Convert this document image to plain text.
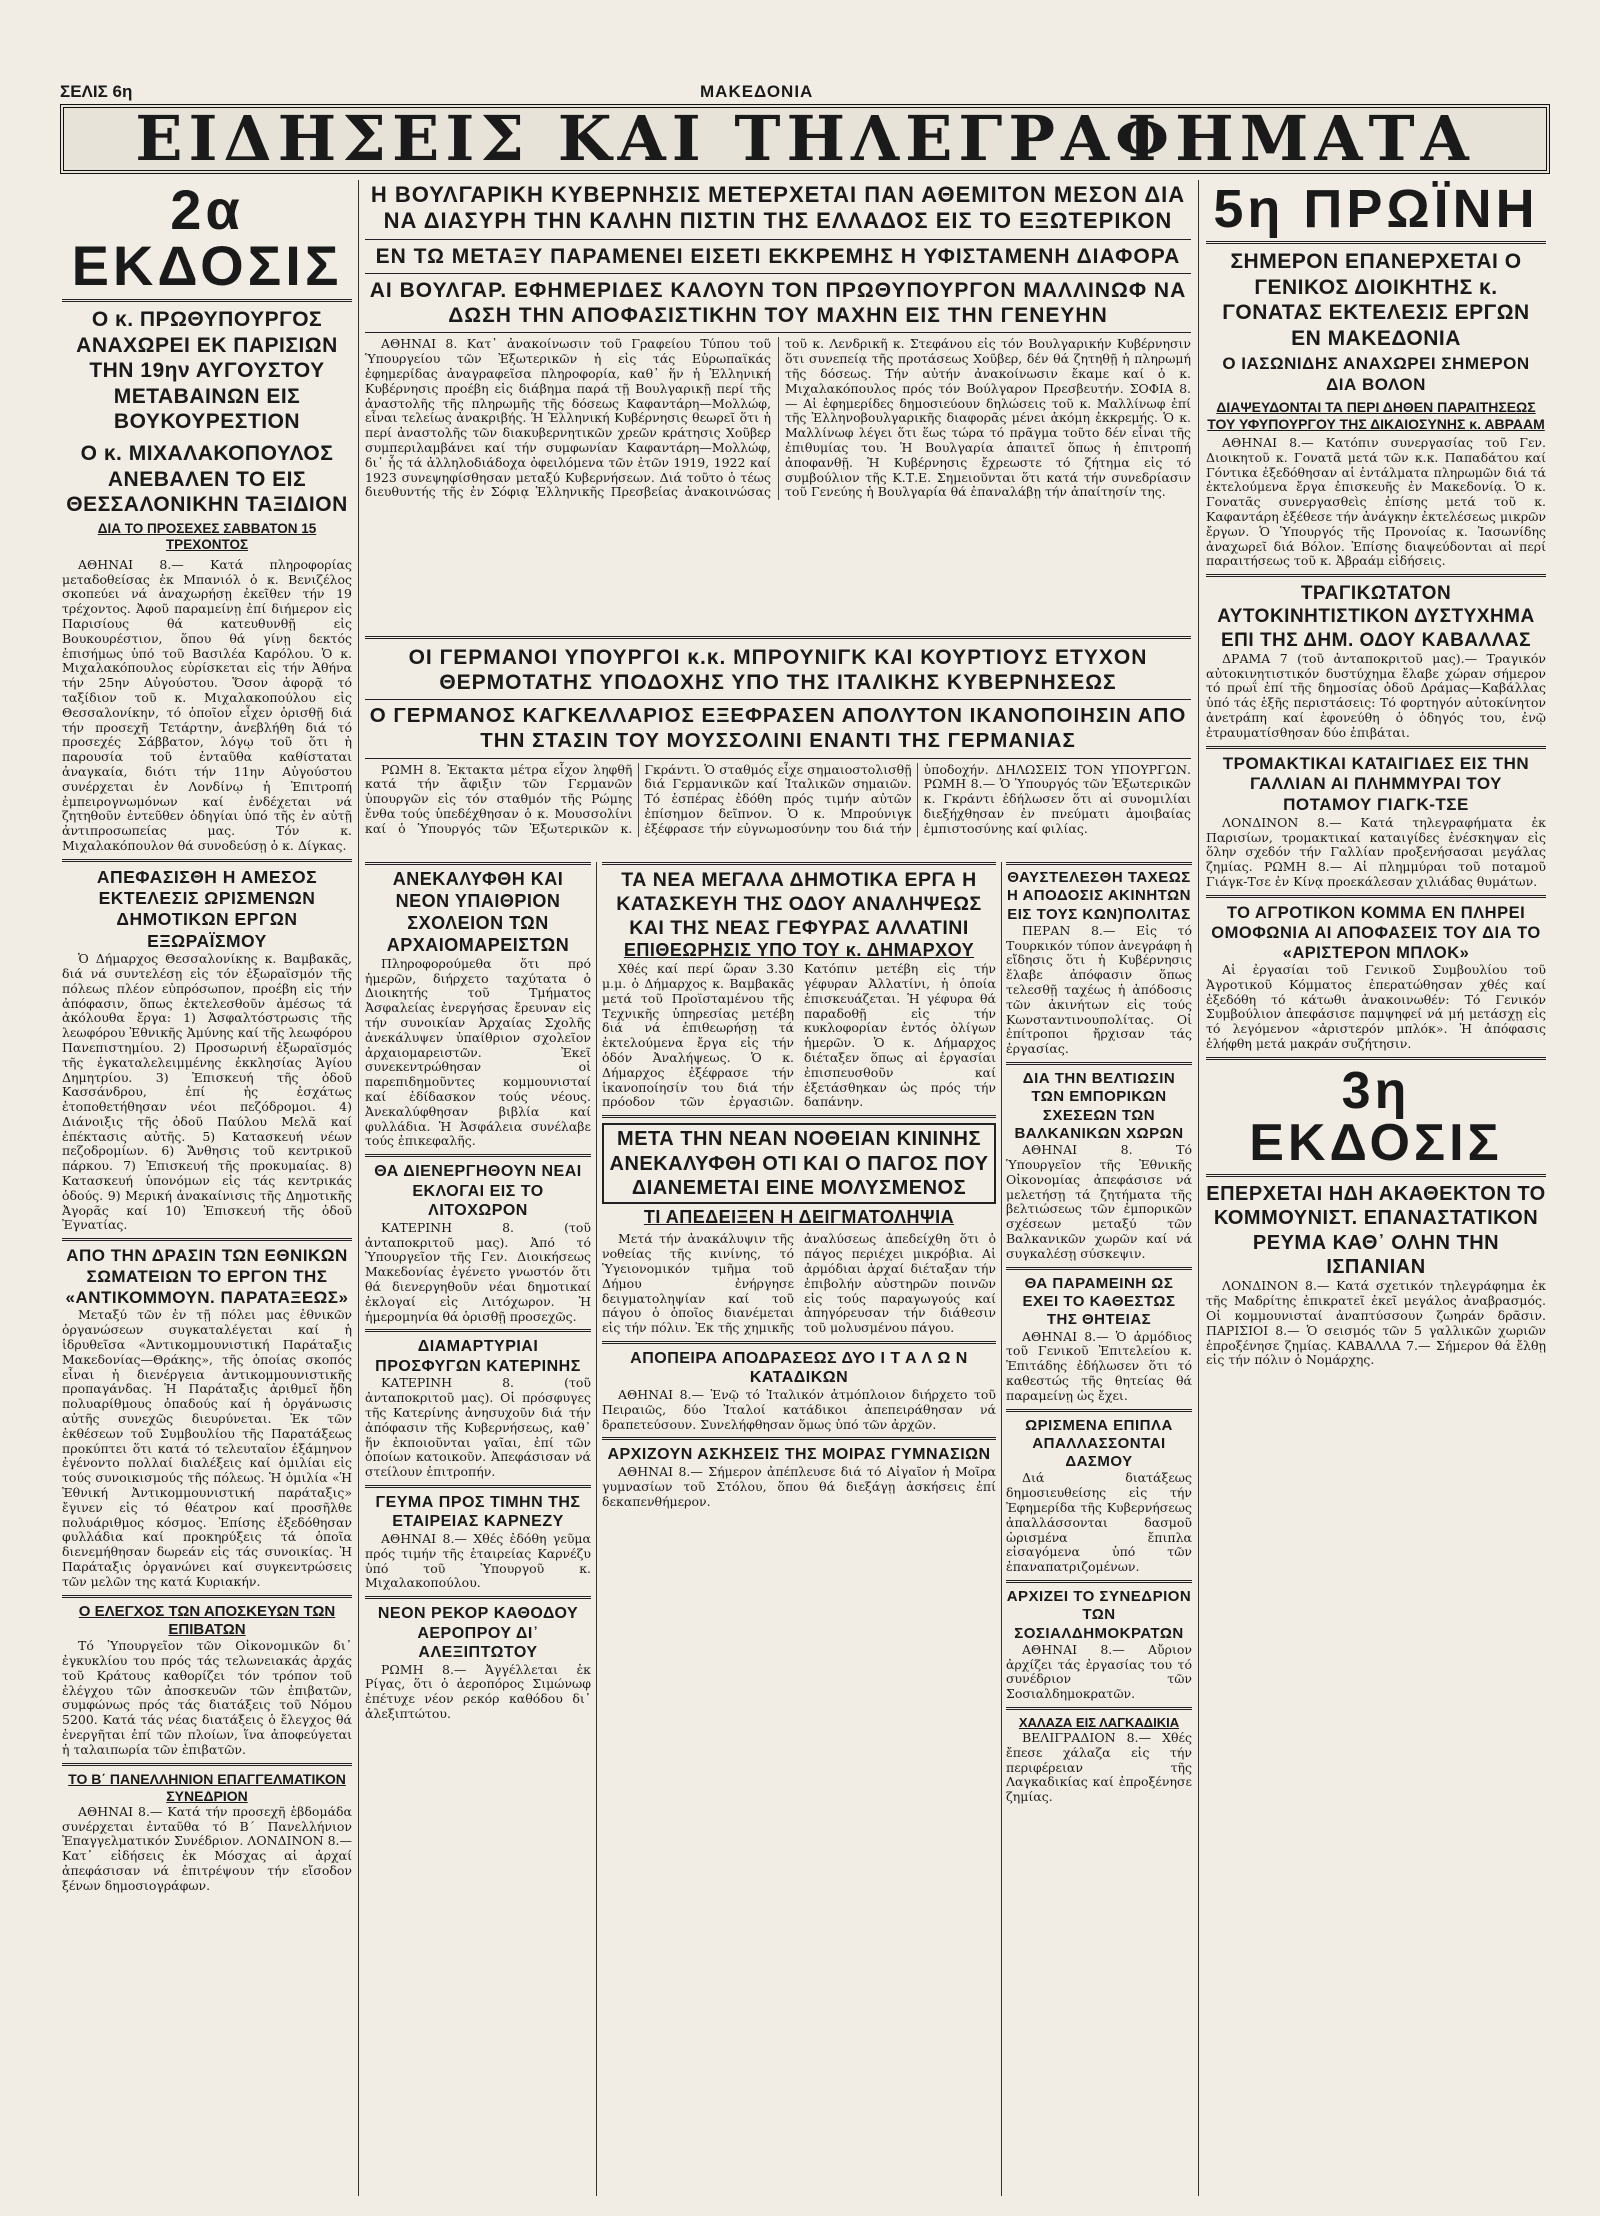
ΣΕΛΙΣ 6η	ΜΑΚΕΔΟΝΙΑ
ΕΙΔΗΣΕΙΣ ΚΑΙ ΤΗΛΕΓΡΑΦΗΜΑΤΑ
2α ΕΚΔΟΣΙΣ
Ο κ. ΠΡΩΘΥΠΟΥΡΓΟΣ ΑΝΑΧΩΡΕΙ ΕΚ ΠΑΡΙΣΙΩΝ ΤΗΝ 19ην ΑΥΓΟΥΣΤΟΥ ΜΕΤΑΒΑΙΝΩΝ ΕΙΣ ΒΟΥΚΟΥΡΕΣΤΙΟΝ
Ο κ. ΜΙΧΑΛΑΚΟΠΟΥΛΟΣ ΑΝΕΒΑΛΕΝ ΤΟ ΕΙΣ ΘΕΣΣΑΛΟΝΙΚΗΝ ΤΑΞΙΔΙΟΝ
ΔΙΑ ΤΟ ΠΡΟΣΕΧΕΣ ΣΑΒΒΑΤΟΝ 15 ΤΡΕΧΟΝΤΟΣ

ΑΘΗΝΑΙ 8.— Κατά πληροφορίας μεταδοθείσας ἐκ Μπανιόλ ὁ κ. Βενιζέλος σκοπεύει νά ἀναχωρήσῃ ἐκεῖθεν τήν 19 τρέχοντος. Ἀφοῦ παραμείνῃ ἐπί διήμερον εἰς Παρισίους θά κατευθυνθῇ εἰς Βουκουρέστιον, ὅπου θά γίνῃ δεκτός ἐπισήμως ὑπό τοῦ Βασιλέα Καρόλου. Ὁ κ. Μιχαλακόπουλος εὑρίσκεται εἰς τήν Ἀθήνα τήν 25ην Αὐγούστου. Ὅσον ἀφορᾷ τό ταξίδιον τοῦ κ. Μιχαλακοπούλου εἰς Θεσσαλονίκην, τό ὁποῖον εἶχεν ὁρισθῇ διά τήν προσεχῆ Τετάρτην, ἀνεβλήθη διά τό προσεχές Σάββατον, λόγῳ τοῦ ὅτι ἡ παρουσία τοῦ ἐνταῦθα καθίσταται ἀναγκαία, διότι τήν 11ην Αὐγούστου συνέρχεται ἐν Λονδίνῳ ἡ Ἐπιτροπή ἐμπειρογνωμόνων καί ἐνδέχεται νά ζητηθοῦν ἐντεῦθεν ὁδηγίαι ὑπό τῆς ἐν αὐτῇ ἀντιπροσωπείας μας. Τόν κ. Μιχαλακόπουλον θά συνοδεύσῃ ὁ κ. Δίγκας.

ΑΠΕΦΑΣΙΣΘΗ Η ΑΜΕΣΟΣ ΕΚΤΕΛΕΣΙΣ ΩΡΙΣΜΕΝΩΝ ΔΗΜΟΤΙΚΩΝ ΕΡΓΩΝ ΕΞΩΡΑΪΣΜΟΥ

Ὁ Δήμαρχος Θεσσαλονίκης κ. Βαμβακᾶς, διά νά συντελέσῃ εἰς τόν ἐξωραϊσμόν τῆς πόλεως πλέον εὐπρόσωπον, προέβη εἰς τήν ἀπόφασιν, ὅπως ἐκτελεσθοῦν ἀμέσως τά ἀκόλουθα ἔργα: 1) Ἀσφαλτόστρωσις τῆς λεωφόρου Ἐθνικῆς Ἀμύνης καί τῆς λεωφόρου Πανεπιστημίου. 2) Προσωρινή ἐξωραϊσμός τῆς ἐγκαταλελειμμένης ἐκκλησίας Ἁγίου Δημητρίου. 3) Ἐπισκευή τῆς ὁδοῦ Κασσάνδρου, ἐπί ἡς ἐσχάτως ἐτοποθετήθησαν νέοι πεζόδρομοι. 4) Διάνοιξις τῆς ὁδοῦ Παύλου Μελᾶ καί ἐπέκτασις αὐτῆς. 5) Κατασκευή νέων πεζοδρομίων. 6) Ἄνθησις τοῦ κεντρικοῦ πάρκου. 7) Ἐπισκευή τῆς προκυμαίας. 8) Κατασκευή ὑπονόμων εἰς τάς κεντρικάς ὁδούς. 9) Μερική ἀνακαίνισις τῆς Δημοτικῆς Ἀγορᾶς καί 10) Ἐπισκευή τῆς ὁδοῦ Ἐγνατίας.

ΑΠΟ ΤΗΝ ΔΡΑΣΙΝ ΤΩΝ ΕΘΝΙΚΩΝ ΣΩΜΑΤΕΙΩΝ ΤΟ ΕΡΓΟΝ ΤΗΣ «ΑΝΤΙΚΟΜΜΟΥΝ. ΠΑΡΑΤΑΞΕΩΣ»

Μεταξύ τῶν ἐν τῇ πόλει μας ἐθνικῶν ὀργανώσεων συγκαταλέγεται καί ἡ ἱδρυθεῖσα «Ἀντικομμουνιστική Παράταξις Μακεδονίας—Θράκης», τῆς ὁποίας σκοπός εἶναι ἡ διενέργεια ἀντικομμουνιστικῆς προπαγάνδας. Ἡ Παράταξις ἀριθμεῖ ἤδη πολυαρίθμους ὀπαδούς καί ἡ ὀργάνωσις αὐτῆς συνεχῶς διευρύνεται. Ἐκ τῶν ἐκθέσεων τοῦ Συμβουλίου τῆς Παρατάξεως προκύπτει ὅτι κατά τό τελευταῖον ἑξάμηνον ἐγένοντο πολλαί διαλέξεις καί ὁμιλίαι εἰς τούς συνοικισμούς τῆς πόλεως. Ἡ ὁμιλία «Ἡ Ἐθνική Ἀντικομμουνιστική παράταξις» ἔγινεν εἰς τό θέατρον καί προσῆλθε πολυάριθμος κόσμος. Ἐπίσης ἐξεδόθησαν φυλλάδια καί προκηρύξεις τά ὁποῖα διενεμήθησαν δωρεάν εἰς τάς συνοικίας. Ἡ Παράταξις ὀργανώνει καί συγκεντρώσεις τῶν μελῶν της κατά Κυριακήν.

Ο ΕΛΕΓΧΟΣ ΤΩΝ ΑΠΟΣΚΕΥΩΝ ΤΩΝ ΕΠΙΒΑΤΩΝ

Τό Ὑπουργεῖον τῶν Οἰκονομικῶν δι᾿ ἐγκυκλίου του πρός τάς τελωνειακάς ἀρχάς τοῦ Κράτους καθορίζει τόν τρόπον τοῦ ἐλέγχου τῶν ἀποσκευῶν τῶν ἐπιβατῶν, συμφώνως πρός τάς διατάξεις τοῦ Νόμου 5200. Κατά τάς νέας διατάξεις ὁ ἔλεγχος θά ἐνεργῆται ἐπί τῶν πλοίων, ἵνα ἀποφεύγεται ἡ ταλαιπωρία τῶν ἐπιβατῶν.

ΤΟ Β΄ ΠΑΝΕΛΛΗΝΙΟΝ ΕΠΑΓΓΕΛΜΑΤΙΚΟΝ ΣΥΝΕΔΡΙΟΝ

ΑΘΗΝΑΙ 8.— Κατά τήν προσεχῆ ἑβδομάδα συνέρχεται ἐνταῦθα τό Β΄ Πανελλήνιον Ἐπαγγελματικόν Συνέδριον. ΛΟΝΔΙΝΟΝ 8.— Κατ᾿ εἰδήσεις ἐκ Μόσχας αἱ ἀρχαί ἀπεφάσισαν νά ἐπιτρέψουν τήν εἴσοδον ξένων δημοσιογράφων.

Η ΒΟΥΛΓΑΡΙΚΗ ΚΥΒΕΡΝΗΣΙΣ ΜΕΤΕΡΧΕΤΑΙ ΠΑΝ ΑΘΕΜΙΤΟΝ ΜΕΣΟΝ ΔΙΑ ΝΑ ΔΙΑΣΥΡΗ ΤΗΝ ΚΑΛΗΝ ΠΙΣΤΙΝ ΤΗΣ ΕΛΛΑΔΟΣ ΕΙΣ ΤΟ ΕΞΩΤΕΡΙΚΟΝ
ΕΝ ΤΩ ΜΕΤΑΞΥ ΠΑΡΑΜΕΝΕΙ ΕΙΣΕΤΙ ΕΚΚΡΕΜΗΣ Η ΥΦΙΣΤΑΜΕΝΗ ΔΙΑΦΟΡΑ
ΑΙ ΒΟΥΛΓΑΡ. ΕΦΗΜΕΡΙΔΕΣ ΚΑΛΟΥΝ ΤΟΝ ΠΡΩΘΥΠΟΥΡΓΟΝ ΜΑΛΛΙΝΩΦ ΝΑ ΔΩΣΗ ΤΗΝ ΑΠΟΦΑΣΙΣΤΙΚΗΝ ΤΟΥ ΜΑΧΗΝ ΕΙΣ ΤΗΝ ΓΕΝΕΥΗΝ

ΑΘΗΝΑΙ 8. Κατ᾿ ἀνακοίνωσιν τοῦ Γραφείου Τύπου τοῦ Ὑπουργείου τῶν Ἐξωτερικῶν ἡ εἰς τάς Εὐρωπαϊκάς ἐφημερίδας ἀναγραφεῖσα πληροφορία, καθ᾿ ἥν ἡ Ἑλληνική Κυβέρνησις προέβη εἰς διάβημα παρά τῇ Βουλγαρικῇ περί τῆς ἀναστολῆς τῆς πληρωμῆς τῆς δόσεως Καφαντάρη—Μολλώφ, εἶναι τελείως ἀνακριβής. Ἡ Ἑλληνική Κυβέρνησις θεωρεῖ ὅτι ἡ περί ἀναστολῆς τῶν διακυβερνητικῶν χρεῶν κράτησις Χοῦβερ συμπεριλαμβάνει καί τήν συμφωνίαν Καφαντάρη—Μολλώφ, δι᾿ ἧς τά ἀλληλοδιάδοχα ὀφειλόμενα τῶν ἐτῶν 1919, 1922 καί 1923 συνεψηφίσθησαν μεταξύ Κυβερνήσεων. Διά τοῦτο ὁ τέως διευθυντής τῆς ἐν Σόφιᾳ Ἑλληνικῆς Πρεσβείας ἀνακοινώσας τοῦ κ. Λενδρικῆ κ. Στεφάνου εἰς τόν Βουλγαρικήν Κυβέρνησιν ὅτι συνεπείᾳ τῆς προτάσεως Χοῦβερ, δέν θά ζητηθῇ ἡ πληρωμή τῆς δόσεως. Τήν αὐτήν ἀνακοίνωσιν ἔκαμε καί ὁ κ. Μιχαλακόπουλος πρός τόν Βούλγαρον Πρεσβευτήν. ΣΟΦΙΑ 8.— Αἱ ἐφημερίδες δημοσιεύουν δηλώσεις τοῦ κ. Μαλλίνωφ ἐπί τῆς Ἑλληνοβουλγαρικῆς διαφορᾶς μένει ἀκόμη ἐκκρεμής. Ὁ κ. Μαλλίνωφ λέγει ὅτι ἕως τώρα τό πρᾶγμα τοῦτο δέν εἶναι τῆς ἐπιθυμίας του. Ἡ Βουλγαρία ἀπαιτεῖ ὅπως ἡ ἐπιτροπή ἀποφανθῇ. Ἡ Κυβέρνησις ἔχρεωστε τό ζήτημα εἰς τό συμβούλιον τῆς Κ.Τ.Ε. Σημειοῦνται ὅτι κατά τήν συνεδρίασιν τοῦ Γενεύης ἡ Βουλγαρία θά ἐπαναλάβῃ τήν ἀπαίτησίν της.

ΟΙ ΓΕΡΜΑΝΟΙ ΥΠΟΥΡΓΟΙ κ.κ. ΜΠΡΟΥΝΙΓΚ ΚΑΙ ΚΟΥΡΤΙΟΥΣ ΕΤΥΧΟΝ ΘΕΡΜΟΤΑΤΗΣ ΥΠΟΔΟΧΗΣ ΥΠΟ ΤΗΣ ΙΤΑΛΙΚΗΣ ΚΥΒΕΡΝΗΣΕΩΣ
Ο ΓΕΡΜΑΝΟΣ ΚΑΓΚΕΛΛΑΡΙΟΣ ΕΞΕΦΡΑΣΕΝ ΑΠΟΛΥΤΟΝ ΙΚΑΝΟΠΟΙΗΣΙΝ ΑΠΟ ΤΗΝ ΣΤΑΣΙΝ ΤΟΥ ΜΟΥΣΣΟΛΙΝΙ ΕΝΑΝΤΙ ΤΗΣ ΓΕΡΜΑΝΙΑΣ

ΡΩΜΗ 8. Ἐκτακτα μέτρα εἶχον ληφθῆ κατά τήν ἄφιξιν τῶν Γερμανῶν ὑπουργῶν εἰς τόν σταθμόν τῆς Ρώμης ἔνθα τούς ὑπεδέχθησαν ὁ κ. Μουσσολίνι καί ὁ Ὑπουργός τῶν Ἐξωτερικῶν κ. Γκράντι. Ὁ σταθμός εἶχε σημαιοστολισθῇ διά Γερμανικῶν καί Ἰταλικῶν σημαιῶν. Τό ἑσπέρας ἐδόθη πρός τιμήν αὐτῶν ἐπίσημον δεῖπνον. Ὁ κ. Μπρούνιγκ ἐξέφρασε τήν εὐγνωμοσύνην του διά τήν ὑποδοχήν. ΔΗΛΩΣΕΙΣ ΤΟΝ ΥΠΟΥΡΓΩΝ. ΡΩΜΗ 8.— Ὁ Ὑπουργός τῶν Ἐξωτερικῶν κ. Γκράντι ἐδήλωσεν ὅτι αἱ συνομιλίαι διεξήχθησαν ἐν πνεύματι ἀμοιβαίας ἐμπιστοσύνης καί φιλίας.

ΑΝΕΚΑΛΥΦΘΗ ΚΑΙ ΝΕΟΝ ΥΠΑΙΘΡΙΟΝ ΣΧΟΛΕΙΟΝ ΤΩΝ ΑΡΧΑΙΟΜΑΡΕΙΣΤΩΝ

Πληροφορούμεθα ὅτι πρό ἡμερῶν, διήρχετο ταχύτατα ὁ Διοικητής τοῦ Τμήματος Ἀσφαλείας ἐνεργήσας ἔρευναν εἰς τήν συνοικίαν Ἀρχαίας Σχολῆς ἀνεκάλυψεν ὑπαίθριον σχολεῖον ἀρχαιομαρειστῶν. Ἐκεῖ συνεκεντρώθησαν οἱ παρεπιδημοῦντες κομμουνισταί καί ἐδίδασκον τούς νέους. Ἀνεκαλύφθησαν βιβλία καί φυλλάδια. Ἡ Ἀσφάλεια συνέλαβε τούς ἐπικεφαλῆς.

ΘΑ ΔΙΕΝΕΡΓΗΘΟΥΝ ΝΕΑΙ ΕΚΛΟΓΑΙ ΕΙΣ ΤΟ ΛΙΤΟΧΩΡΟΝ

ΚΑΤΕΡΙΝΗ 8. (τοῦ ἀνταποκριτοῦ μας). Ἀπό τό Ὑπουργεῖον τῆς Γεν. Διοικήσεως Μακεδονίας ἐγένετο γνωστόν ὅτι θά διενεργηθοῦν νέαι δημοτικαί ἐκλογαί εἰς Λιτόχωρον. Ἡ ἡμερομηνία θά ὁρισθῇ προσεχῶς.

ΔΙΑΜΑΡΤΥΡΙΑΙ ΠΡΟΣΦΥΓΩΝ ΚΑΤΕΡΙΝΗΣ

ΚΑΤΕΡΙΝΗ 8. (τοῦ ἀνταποκριτοῦ μας). Οἱ πρόσφυγες τῆς Κατερίνης ἀνησυχοῦν διά τήν ἀπόφασιν τῆς Κυβερνήσεως, καθ᾿ ἥν ἐκποιοῦνται γαῖαι, ἐπί τῶν ὁποίων κατοικοῦν. Ἀπεφάσισαν νά στείλουν ἐπιτροπήν.

ΓΕΥΜΑ ΠΡΟΣ ΤΙΜΗΝ ΤΗΣ ΕΤΑΙΡΕΙΑΣ ΚΑΡΝΕΖΥ

ΑΘΗΝΑΙ 8.— Χθές ἐδόθη γεῦμα πρός τιμήν τῆς ἑταιρείας Καρνέζυ ὑπό τοῦ Ὑπουργοῦ κ. Μιχαλακοπούλου.

ΝΕΟΝ ΡΕΚΟΡ ΚΑΘΟΔΟΥ ΑΕΡΟΠΡΟΥ ΔΙ᾿ ΑΛΕΞΙΠΤΩΤΟΥ

ΡΩΜΗ 8.— Ἀγγέλλεται ἐκ Ρίγας, ὅτι ὁ ἀεροπόρος Σιμώνωφ ἐπέτυχε νέον ρεκόρ καθόδου δι᾿ ἀλεξιπτώτου.

ΤΑ ΝΕΑ ΜΕΓΑΛΑ ΔΗΜΟΤΙΚΑ ΕΡΓΑ Η ΚΑΤΑΣΚΕΥΗ ΤΗΣ ΟΔΟΥ ΑΝΑΛΗΨΕΩΣ ΚΑΙ ΤΗΣ ΝΕΑΣ ΓΕΦΥΡΑΣ ΑΛΛΑΤΙΝΙ
ΕΠΙΘΕΩΡΗΣΙΣ ΥΠΟ ΤΟΥ κ. ΔΗΜΑΡΧΟΥ

Χθές καί περί ὥραν 3.30 μ.μ. ὁ Δήμαρχος κ. Βαμβακᾶς μετά τοῦ Προϊσταμένου τῆς Τεχνικῆς ὑπηρεσίας μετέβη διά νά ἐπιθεωρήσῃ τά ἐκτελούμενα ἔργα εἰς τήν ὁδόν Ἀναλήψεως. Ὁ κ. Δήμαρχος ἐξέφρασε τήν ἱκανοποίησίν του διά τήν πρόοδον τῶν ἐργασιῶν. Κατόπιν μετέβη εἰς τήν γέφυραν Ἀλλατίνι, ἡ ὁποία ἐπισκευάζεται. Ἡ γέφυρα θά παραδοθῇ εἰς τήν κυκλοφορίαν ἐντός ὀλίγων ἡμερῶν. Ὁ κ. Δήμαρχος διέταξεν ὅπως αἱ ἐργασίαι ἐπισπευσθοῦν καί ἐξετάσθηκαν ὡς πρός τήν δαπάνην.

ΜΕΤΑ ΤΗΝ ΝΕΑΝ ΝΟΘΕΙΑΝ ΚΙΝΙΝΗΣ ΑΝΕΚΑΛΥΦΘΗ ΟΤΙ ΚΑΙ Ο ΠΑΓΟΣ ΠΟΥ ΔΙΑΝΕΜΕΤΑΙ ΕΙΝΕ ΜΟΛΥΣΜΕΝΟΣ
ΤΙ ΑΠΕΔΕΙΞΕΝ Η ΔΕΙΓΜΑΤΟΛΗΨΙΑ

Μετά τήν ἀνακάλυψιν τῆς νοθείας τῆς κινίνης, τό Ὑγειονομικόν τμῆμα τοῦ Δήμου ἐνήργησε δειγματοληψίαν καί τοῦ πάγου ὁ ὁποῖος διανέμεται εἰς τήν πόλιν. Ἐκ τῆς χημικῆς ἀναλύσεως ἀπεδείχθη ὅτι ὁ πάγος περιέχει μικρόβια. Αἱ ἀρμόδιαι ἀρχαί διέταξαν τήν ἐπιβολήν αὐστηρῶν ποινῶν εἰς τούς παραγωγούς καί ἀπηγόρευσαν τήν διάθεσιν τοῦ μολυσμένου πάγου.

ΑΠΟΠΕΙΡΑ ΑΠΟΔΡΑΣΕΩΣ ΔΥΟ Ι Τ Α Λ Ω Ν ΚΑΤΑΔΙΚΩΝ

ΑΘΗΝΑΙ 8.— Ἐνῷ τό Ἰταλικόν ἀτμόπλοιον διήρχετο τοῦ Πειραιῶς, δύο Ἰταλοί κατάδικοι ἀπεπειράθησαν νά δραπετεύσουν. Συνελήφθησαν ὅμως ὑπό τῶν ἀρχῶν.

ΑΡΧΙΖΟΥΝ ΑΣΚΗΣΕΙΣ ΤΗΣ ΜΟΙΡΑΣ ΓΥΜΝΑΣΙΩΝ

ΑΘΗΝΑΙ 8.— Σήμερον ἀπέπλευσε διά τό Αἰγαῖον ἡ Μοῖρα γυμνασίων τοῦ Στόλου, ὅπου θά διεξάγῃ ἀσκήσεις ἐπί δεκαπενθήμερον.

ΘΑΥΣΤΕΛΕΣΘΗ ΤΑΧΕΩΣ Η ΑΠΟΔΟΣΙΣ ΑΚΙΝΗΤΩΝ ΕΙΣ ΤΟΥΣ ΚΩΝ)ΠΟΛΙΤΑΣ

ΠΕΡΑΝ 8.— Εἰς τό Τουρκικόν τύπον ἀνεγράφη ἡ εἴδησις ὅτι ἡ Κυβέρνησις ἔλαβε ἀπόφασιν ὅπως τελεσθῇ ταχέως ἡ ἀπόδοσις τῶν ἀκινήτων εἰς τούς Κωνσταντινουπολίτας. Οἱ ἐπίτροποι ἤρχισαν τάς ἐργασίας.

ΔΙΑ ΤΗΝ ΒΕΛΤΙΩΣΙΝ ΤΩΝ ΕΜΠΟΡΙΚΩΝ ΣΧΕΣΕΩΝ ΤΩΝ ΒΑΛΚΑΝΙΚΩΝ ΧΩΡΩΝ

ΑΘΗΝΑΙ 8. Τό Ὑπουργεῖον τῆς Ἐθνικῆς Οἰκονομίας ἀπεφάσισε νά μελετήσῃ τά ζητήματα τῆς βελτιώσεως τῶν ἐμπορικῶν σχέσεων μεταξύ τῶν Βαλκανικῶν χωρῶν καί νά συγκαλέσῃ σύσκεψιν.

ΘΑ ΠΑΡΑΜΕΙΝΗ ΩΣ ΕΧΕΙ ΤΟ ΚΑΘΕΣΤΩΣ ΤΗΣ ΘΗΤΕΙΑΣ

ΑΘΗΝΑΙ 8.— Ὁ ἁρμόδιος τοῦ Γενικοῦ Ἐπιτελείου κ. Ἐπιτάδης ἐδήλωσεν ὅτι τό καθεστώς τῆς θητείας θά παραμείνῃ ὡς ἔχει.

ΩΡΙΣΜΕΝΑ ΕΠΙΠΛΑ ΑΠΑΛΛΑΣΣΟΝΤΑΙ ΔΑΣΜΟΥ

Διά διατάξεως δημοσιευθείσης εἰς τήν Ἐφημερίδα τῆς Κυβερνήσεως ἀπαλλάσσονται δασμοῦ ὡρισμένα ἔπιπλα εἰσαγόμενα ὑπό τῶν ἐπαναπατριζομένων.

ΑΡΧΙΖΕΙ ΤΟ ΣΥΝΕΔΡΙΟΝ ΤΩΝ ΣΟΣΙΑΛΔΗΜΟΚΡΑΤΩΝ

ΑΘΗΝΑΙ 8.— Αὔριον ἀρχίζει τάς ἐργασίας του τό συνέδριον τῶν Σοσιαλδημοκρατῶν.

ΧΑΛΑΖΑ ΕΙΣ ΛΑΓΚΑΔΙΚΙΑ

ΒΕΛΙΓΡΑΔΙΟΝ 8.— Χθές ἔπεσε χάλαζα εἰς τήν περιφέρειαν τῆς Λαγκαδικίας καί ἐπροξένησε ζημίας.

5η ΠΡΩΪΝΗ
ΣΗΜΕΡΟΝ ΕΠΑΝΕΡΧΕΤΑΙ Ο ΓΕΝΙΚΟΣ ΔΙΟΙΚΗΤΗΣ κ. ΓΟΝΑΤΑΣ ΕΚΤΕΛΕΣΙΣ ΕΡΓΩΝ ΕΝ ΜΑΚΕΔΟΝΙΑ
Ο ΙΑΣΩΝΙΔΗΣ ΑΝΑΧΩΡΕΙ ΣΗΜΕΡΟΝ ΔΙΑ ΒΟΛΟΝ
ΔΙΑΨΕΥΔΟΝΤΑΙ ΤΑ ΠΕΡΙ ΔΗΘΕΝ ΠΑΡΑΙΤΗΣΕΩΣ ΤΟΥ ΥΦΥΠΟΥΡΓΟΥ ΤΗΣ ΔΙΚΑΙΟΣΥΝΗΣ κ. ΑΒΡΑΑΜ

ΑΘΗΝΑΙ 8.— Κατόπιν συνεργασίας τοῦ Γεν. Διοικητοῦ κ. Γονατᾶ μετά τῶν κ.κ. Παπαδάτου καί Γόντικα ἐξεδόθησαν αἱ ἐντάλματα πληρωμῶν διά τά ἐκτελούμενα ἔργα ἐπισκευῆς ἐν Μακεδονίᾳ. Ὁ κ. Γονατᾶς συνεργασθεὶς ἐπίσης μετά τοῦ κ. Καφαντάρη ἐξέθεσε τήν ἀνάγκην ἐκτελέσεως μικρῶν ἔργων. Ὁ Ὑπουργός τῆς Προνοίας κ. Ἰασωνίδης ἀναχωρεῖ διά Βόλον. Ἐπίσης διαψεύδονται αἱ περί παραιτήσεως τοῦ κ. Ἀβραάμ εἰδήσεις.

ΤΡΑΓΙΚΩΤΑΤΟΝ ΑΥΤΟΚΙΝΗΤΙΣΤΙΚΟΝ ΔΥΣΤΥΧΗΜΑ ΕΠΙ ΤΗΣ ΔΗΜ. ΟΔΟΥ ΚΑΒΑΛΛΑΣ

ΔΡΑΜΑ 7 (τοῦ ἀνταποκριτοῦ μας).— Τραγικόν αὐτοκινητιστικόν δυστύχημα ἔλαβε χώραν σήμερον τό πρωΐ ἐπί τῆς δημοσίας ὁδοῦ Δράμας—Καβάλλας ὑπό τάς ἑξῆς περιστάσεις: Τό φορτηγόν αὐτοκίνητον ἀνετράπη καί ἐφονεύθη ὁ ὁδηγός του, ἐνῷ ἐτραυματίσθησαν δύο ἐπιβάται.

ΤΡΟΜΑΚΤΙΚΑΙ ΚΑΤΑΙΓΙΔΕΣ ΕΙΣ ΤΗΝ ΓΑΛΛΙΑΝ ΑΙ ΠΛΗΜΜΥΡΑΙ ΤΟΥ ΠΟΤΑΜΟΥ ΓΙΑΓΚ-ΤΣΕ

ΛΟΝΔΙΝΟΝ 8.— Κατά τηλεγραφήματα ἐκ Παρισίων, τρομακτικαί καταιγίδες ἐνέσκηψαν εἰς ὅλην σχεδόν τήν Γαλλίαν προξενήσασαι μεγάλας ζημίας. ΡΩΜΗ 8.— Αἱ πλημμύραι τοῦ ποταμοῦ Γιάγκ-Τσε ἐν Κίνᾳ προεκάλεσαν χιλιάδας θυμάτων.

ΤΟ ΑΓΡΟΤΙΚΟΝ ΚΟΜΜΑ ΕΝ ΠΛΗΡΕΙ ΟΜΟΦΩΝΙΑ ΑΙ ΑΠΟΦΑΣΕΙΣ ΤΟΥ ΔΙΑ ΤΟ «ΑΡΙΣΤΕΡΟΝ ΜΠΛΟΚ»

Αἱ ἐργασίαι τοῦ Γενικοῦ Συμβουλίου τοῦ Ἀγροτικοῦ Κόμματος ἐπερατώθησαν χθές καί ἐξεδόθη τό κάτωθι ἀνακοινωθέν: Τό Γενικόν Συμβούλιον ἀπεφάσισε παμψηφεί νά μή μετάσχῃ εἰς τό λεγόμενον «ἀριστερόν μπλόκ». Ἡ ἀπόφασις ἐλήφθη μετά μακράν συζήτησιν.

3η ΕΚΔΟΣΙΣ
ΕΠΕΡΧΕΤΑΙ ΗΔΗ ΑΚΑΘΕΚΤΟΝ ΤΟ ΚΟΜΜΟΥΝΙΣΤ. ΕΠΑΝΑΣΤΑΤΙΚΟΝ ΡΕΥΜΑ ΚΑΘ᾿ ΟΛΗΝ ΤΗΝ ΙΣΠΑΝΙΑΝ

ΛΟΝΔΙΝΟΝ 8.— Κατά σχετικόν τηλεγράφημα ἐκ τῆς Μαδρίτης ἐπικρατεῖ ἐκεῖ μεγάλος ἀναβρασμός. Οἱ κομμουνισταί ἀναπτύσσουν ζωηράν δρᾶσιν. ΠΑΡΙΣΙΟΙ 8.— Ὁ σεισμός τῶν 5 γαλλικῶν χωριῶν ἐπροξένησε ζημίας. ΚΑΒΑΛΛΑ 7.— Σήμερον θά ἔλθῃ εἰς τήν πόλιν ὁ Νομάρχης.
